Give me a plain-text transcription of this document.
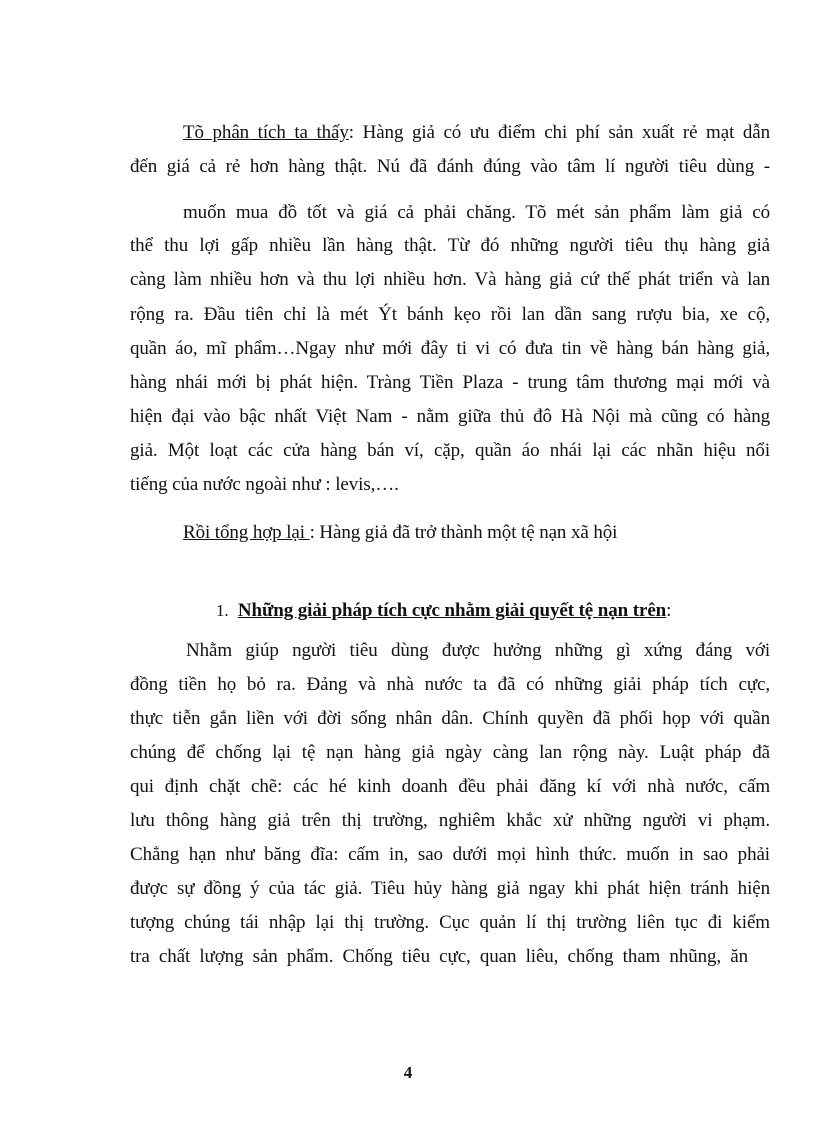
Tõ phân tích ta thấy: Hàng giả có ưu điểm chi phí sản xuất rẻ mạt dẫn
đến giá cả rẻ hơn hàng thật. Nú đã đánh đúng vào tâm lí người tiêu dùng -
muốn mua đồ tốt và giá cả phải chăng. Tõ mét sản phẩm làm giả có
thể thu lợi gấp nhiều lần hàng thật. Từ đó những người tiêu thụ hàng giả
càng làm nhiều hơn và thu lợi nhiều hơn. Và hàng giả cứ thế phát triển và lan
rộng ra. Đầu tiên chỉ là mét Ýt bánh kẹo rồi lan dần sang rượu bia, xe cộ,
quần áo, mĩ phẩm…Ngay như mới đây ti vi có đưa tin về hàng bán hàng giả,
hàng nhái mới bị phát hiện. Tràng Tiền Plaza - trung tâm thương mại mới và
hiện đại vào bậc nhất Việt Nam - nằm giữa thủ đô Hà Nội mà cũng có hàng
giả. Một loạt các cửa hàng bán ví, cặp, quần áo nhái lại các nhãn hiệu nổi
tiếng của nước ngoài như : levis,….
Rồi tổng hợp lại : Hàng giả đã trở thành một tệ nạn xã hội
1. Những giải pháp tích cực nhằm giải quyết tệ nạn trên:
Nhằm giúp người tiêu dùng được hưởng những gì xứng đáng với
đồng tiền họ bỏ ra. Đảng và nhà nước ta đã có những giải pháp tích cực,
thực tiễn gắn liền với đời sống nhân dân. Chính quyền đã phối họp với quần
chúng để chống lại tệ nạn hàng giả ngày càng lan rộng này. Luật pháp đã
qui định chặt chẽ: các hé kinh doanh đều phải đăng kí với nhà nước, cấm
lưu thông hàng giả trên thị trường, nghiêm khắc xử những người vi phạm.
Chẳng hạn như băng đĩa: cấm in, sao dưới mọi hình thức. muốn in sao phải
được sự đồng ý của tác giả. Tiêu hủy hàng giả ngay khi phát hiện tránh hiện
tượng chúng tái nhập lại thị trường. Cục quản lí thị trường liên tục đi kiểm
tra chất lượng sản phẩm. Chống tiêu cực, quan liêu, chống tham nhũng, ăn
4
